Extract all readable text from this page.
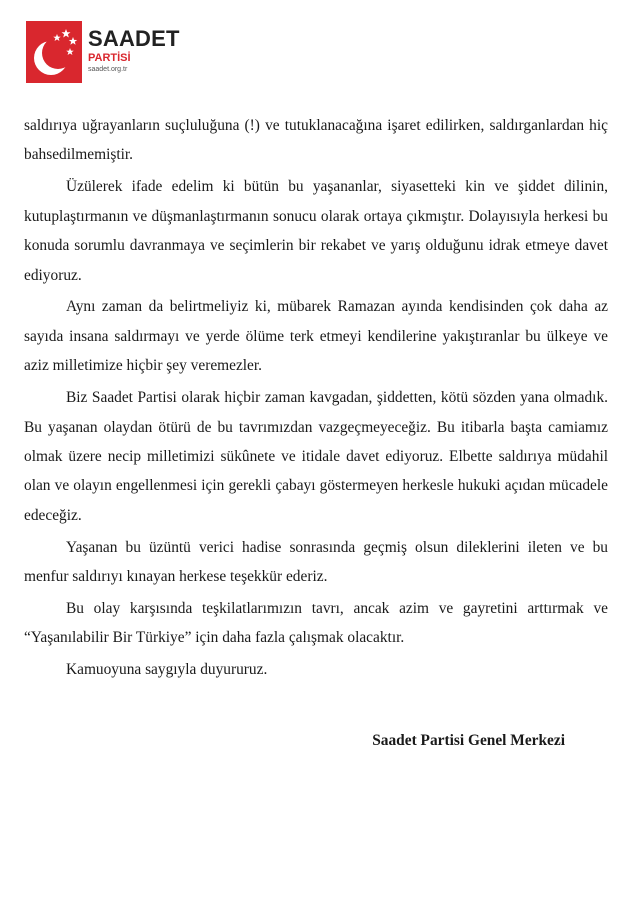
SAADET
PARTİSİ
saadet.org.tr

saldırıya uğrayanların suçluluğuna (!) ve tutuklanacağına işaret edilirken, saldırganlardan hiç bahsedilmemiştir.

Üzülerek ifade edelim ki bütün bu yaşananlar, siyasetteki kin ve şiddet dilinin, kutuplaştırmanın ve düşmanlaştırmanın sonucu olarak ortaya çıkmıştır. Dolayısıyla herkesi bu konuda sorumlu davranmaya ve seçimlerin bir rekabet ve yarış olduğunu idrak etmeye davet ediyoruz.

Aynı zaman da belirtmeliyiz ki, mübarek Ramazan ayında kendisinden çok daha az sayıda insana saldırmayı ve yerde ölüme terk etmeyi kendilerine yakıştıranlar bu ülkeye ve aziz milletimize hiçbir şey veremezler.

Biz Saadet Partisi olarak hiçbir zaman kavgadan, şiddetten, kötü sözden yana olmadık. Bu yaşanan olaydan ötürü de bu tavrımızdan vazgeçmeyeceğiz. Bu itibarla başta camiamız olmak üzere necip milletimizi sükûnete ve itidale davet ediyoruz. Elbette saldırıya müdahil olan ve olayın engellenmesi için gerekli çabayı göstermeyen herkesle hukuki açıdan mücadele edeceğiz.

Yaşanan bu üzüntü verici hadise sonrasında geçmiş olsun dileklerini ileten ve bu menfur saldırıyı kınayan herkese teşekkür ederiz.

Bu olay karşısında teşkilatlarımızın tavrı, ancak azim ve gayretini arttırmak ve “Yaşanılabilir Bir Türkiye” için daha fazla çalışmak olacaktır.

Kamuoyuna saygıyla duyururuz.

Saadet Partisi Genel Merkezi
